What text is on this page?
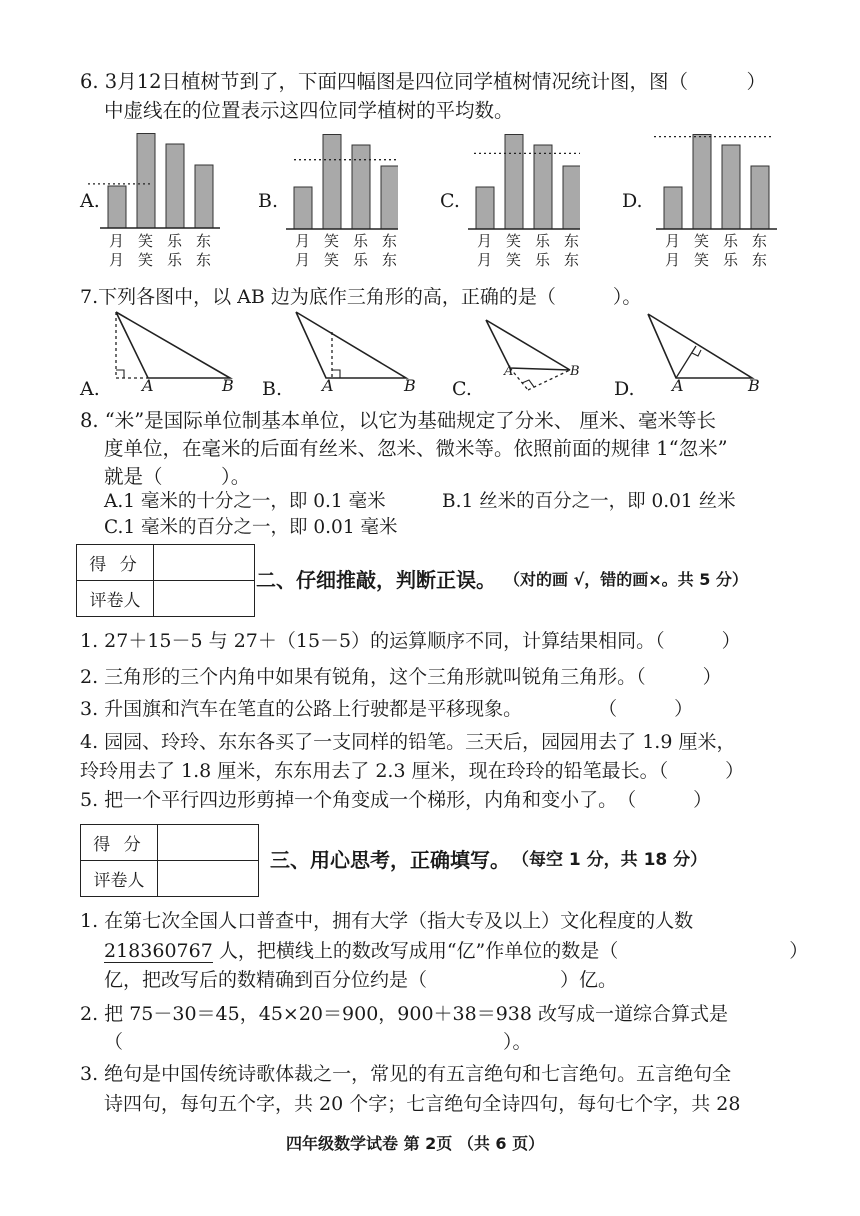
6. 3月12日植树节到了，下面四幅图是四位同学植树情况统计图，图（　　　）
中虚线在的位置表示这四位同学植树的平均数。
A.	B.	C.	D.
月 笑 乐 东
月 笑 乐 东
月 笑 乐 东
月 笑 乐 东
月 笑 乐 东
月 笑 乐 东
月 笑 乐 东
月 笑 乐 东
7.下列各图中，以 AB 边为底作三角形的高，正确的是（　　　）。
A.	B.	C.	D.
A	B	A	B
A	B
A	B
8. “米”是国际单位制基本单位，以它为基础规定了分米、 厘米、毫米等长
度单位，在毫米的后面有丝米、忽米、微米等。依照前面的规律 1“忽米”
就是（　　　）。
A.1 毫米的十分之一，即 0.1 毫米	B.1 丝米的百分之一，即 0.01 丝米
C.1 毫米的百分之一，即 0.01 毫米
得 分	
评卷人	
二、仔细推敲，判断正误。 （对的画 √，错的画×。共 5 分）
1. 27＋15－5 与 27＋（15－5）的运算顺序不同，计算结果相同。（　　　）
2. 三角形的三个内角中如果有锐角，这个三角形就叫锐角三角形。（　　　）
3. 升国旗和汽车在笔直的公路上行驶都是平移现象。　　　　　（　　　）
4. 园园、玲玲、东东各买了一支同样的铅笔。三天后，园园用去了 1.9 厘米，
玲玲用去了 1.8 厘米，东东用去了 2.3 厘米，现在玲玲的铅笔最长。（　　　）
5. 把一个平行四边形剪掉一个角变成一个梯形，内角和变小了。　（　　　）
得 分	
评卷人	
三、用心思考，正确填写。 （每空 1 分，共 18 分）
1. 在第七次全国人口普查中，拥有大学（指大专及以上）文化程度的人数
218360767 人，把横线上的数改写成用“亿”作单位的数是（　　　　　　　　　）
亿，把改写后的数精确到百分位约是（　　　　　　　）亿。
2. 把 75－30＝45，45×20＝900，900＋38＝938 改写成一道综合算式是
（　　　　　　　　　　　　　　　　　　　　）。
3. 绝句是中国传统诗歌体裁之一，常见的有五言绝句和七言绝句。五言绝句全
诗四句，每句五个字，共 20 个字；七言绝句全诗四句，每句七个字，共 28
四年级数学试卷 第 2页 （共 6 页）
